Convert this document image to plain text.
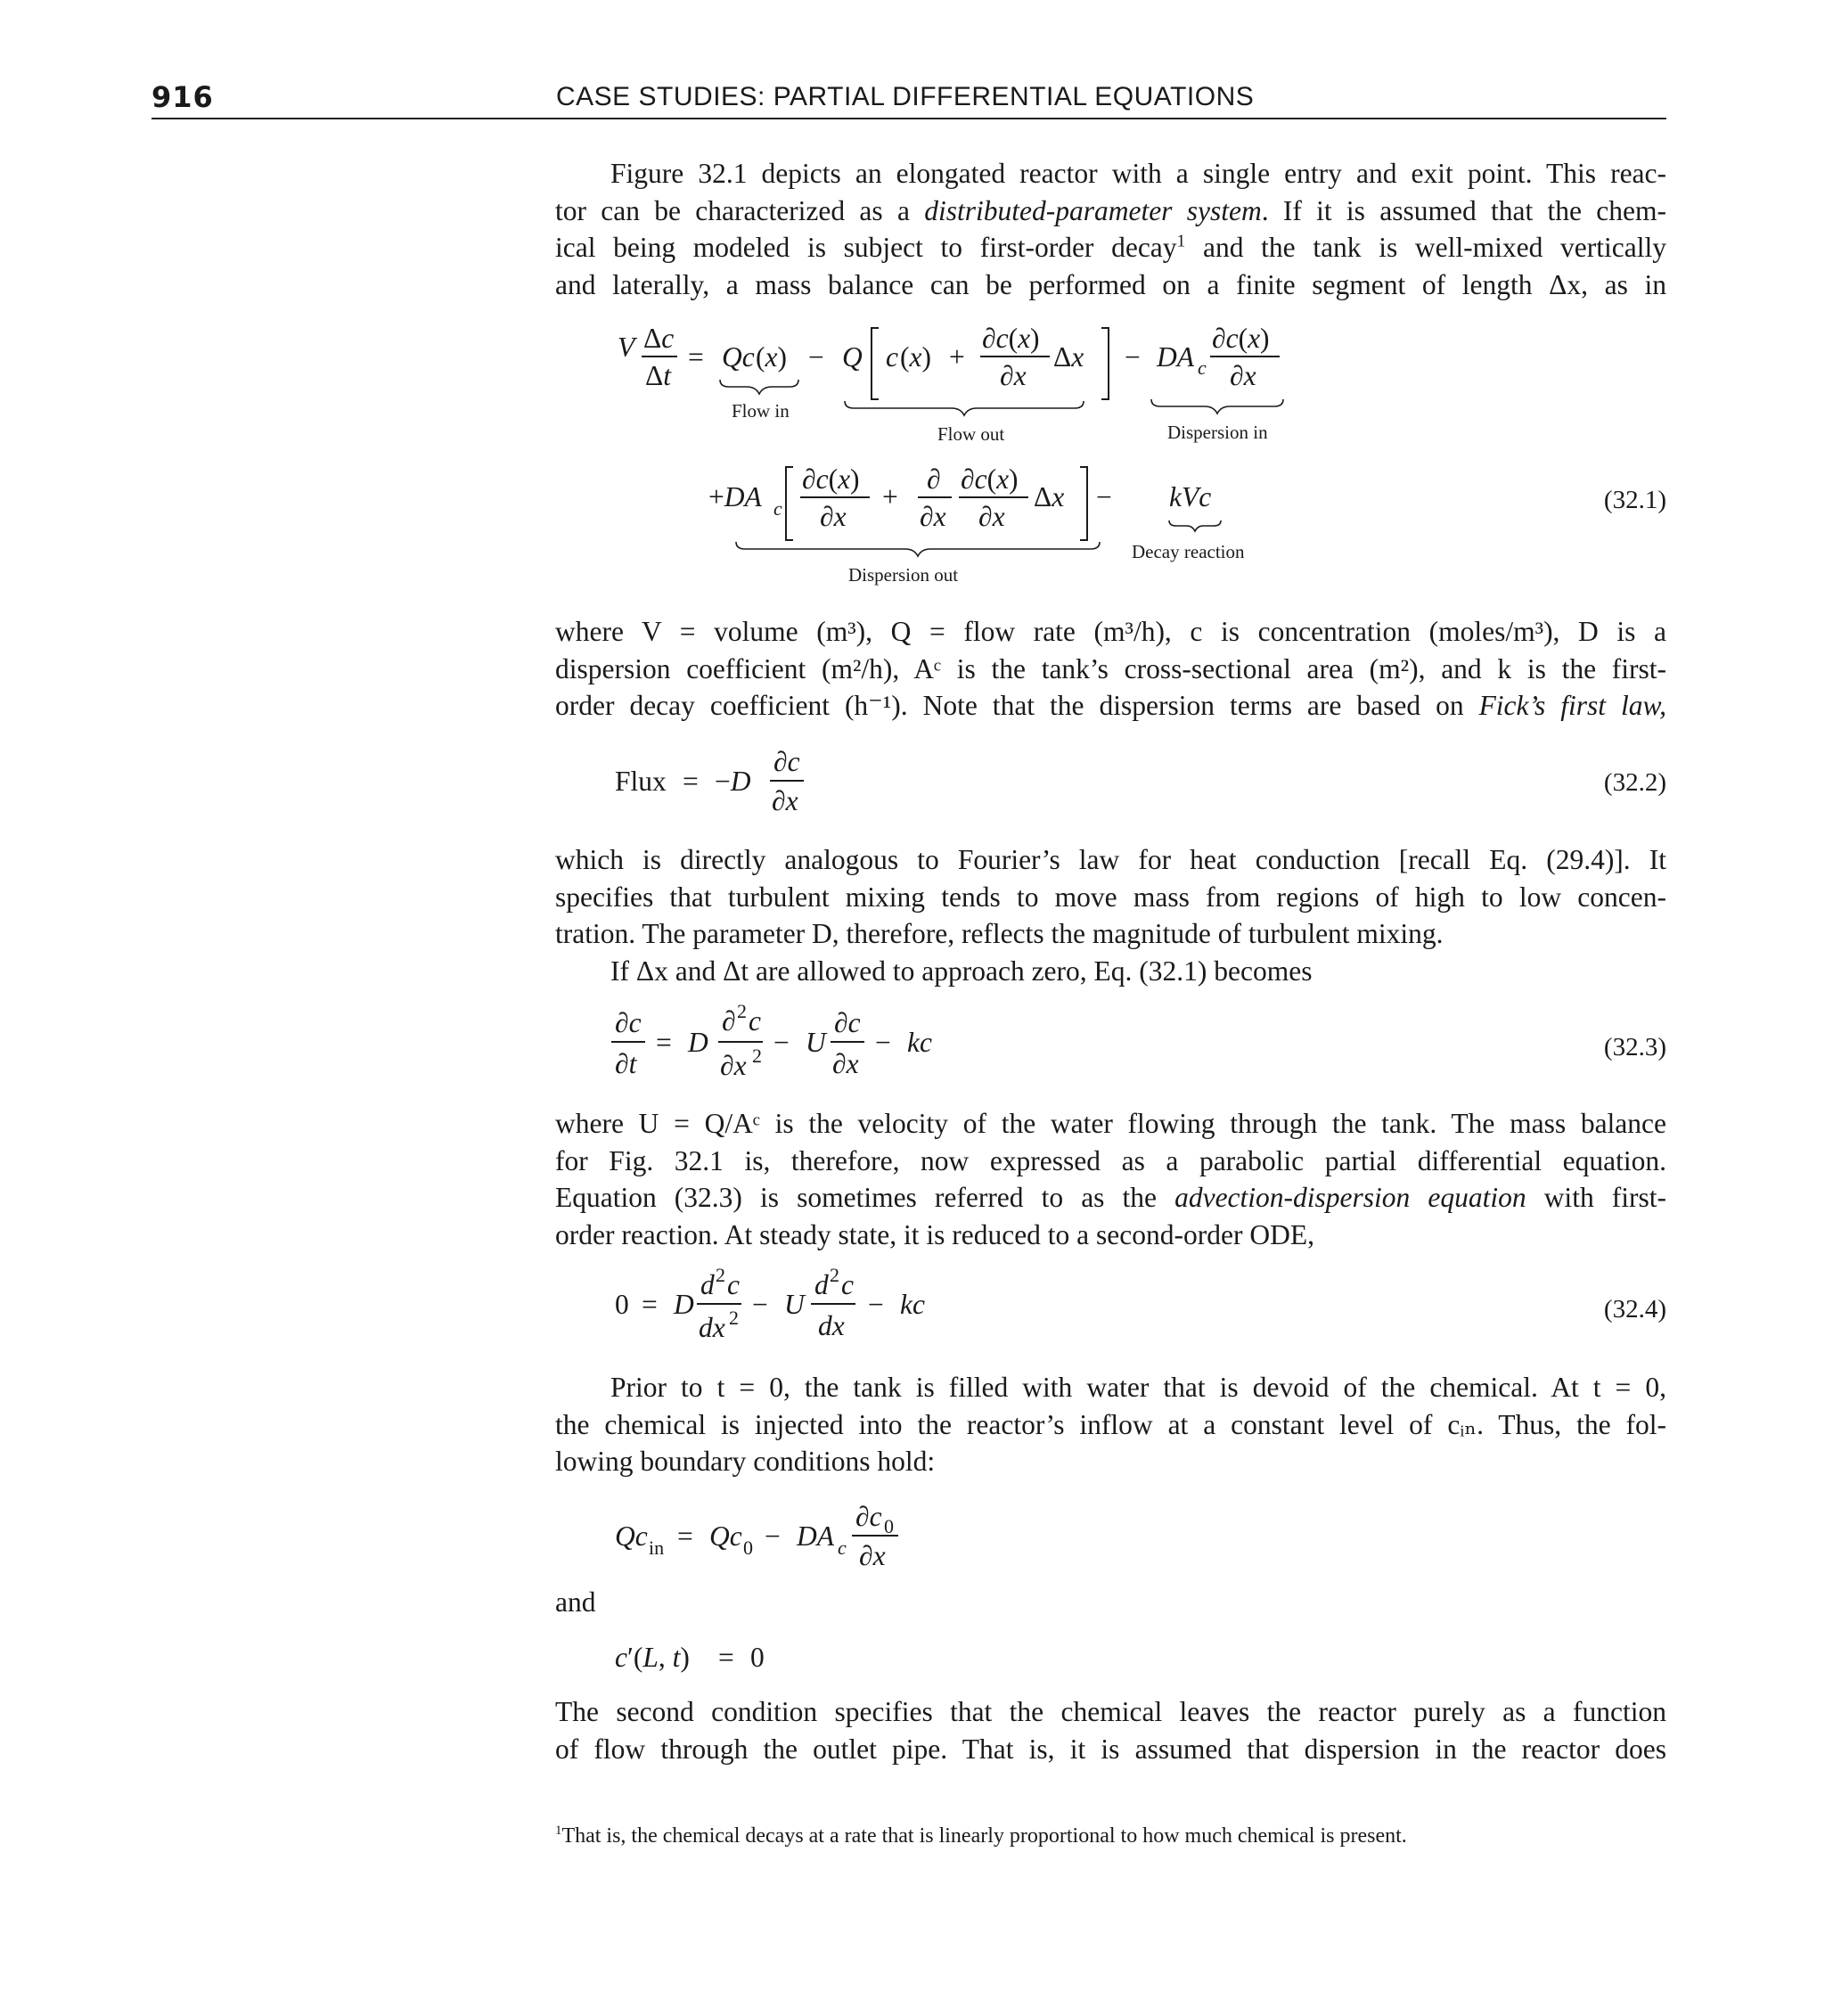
916	CASE STUDIES: PARTIAL DIFFERENTIAL EQUATIONS

Figure 32.1 depicts an elongated reactor with a single entry and exit point. This reac-

tor can be characterized as a distributed-parameter system. If it is assumed that the chem-

ical being modeled is subject to first-order decay$^1$ and the tank is well-mixed vertically

and laterally, a mass balance can be performed on a finite segment of length Δx, as in

V Δc
Δt
= Qc (x)
Flow in
− Q c (x) +
∂c(x)
∂x
Δx
Flow out
− DA c
∂c(x)
∂x
Dispersion in
+DA c
∂c(x)
∂x
+
∂
∂x
∂c(x)
∂x
Δx
Dispersion out
− kVc
Decay reaction
(32.1)

where V = volume (m³), Q = flow rate (m³/h), c is concentration (moles/m³), D is a

dispersion coefficient (m²/h), Aᶜ is the tank’s cross-sectional area (m²), and k is the first-

order decay coefficient (h⁻¹). Note that the dispersion terms are based on Fick’s first law,

Flux = −D
∂c
∂x
(32.2)

which is directly analogous to Fourier’s law for heat conduction [recall Eq. (29.4)]. It

specifies that turbulent mixing tends to move mass from regions of high to low concen-

tration. The parameter D, therefore, reflects the magnitude of turbulent mixing.

If Δx and Δt are allowed to approach zero, Eq. (32.1) becomes

∂c
∂t
= D
∂ 2 c
∂x 2 − U
∂c
∂x
− kc	(32.3)

where U = Q/Aᶜ is the velocity of the water flowing through the tank. The mass balance

for Fig. 32.1 is, therefore, now expressed as a parabolic partial differential equation.

Equation (32.3) is sometimes referred to as the advection-dispersion equation with first-

order reaction. At steady state, it is reduced to a second-order ODE,

0 = D
d 2 c
dx 2 − U
d 2 c
dx
− kc	(32.4)

Prior to t = 0, the tank is filled with water that is devoid of the chemical. At t = 0,

the chemical is injected into the reactor’s inflow at a constant level of cᵢₙ. Thus, the fol-

lowing boundary conditions hold:

Qc in = Qc 0 − DA c
∂c 0
∂x

and

c′(L, t) = 0

The second condition specifies that the chemical leaves the reactor purely as a function

of flow through the outlet pipe. That is, it is assumed that dispersion in the reactor does

$^1$That is, the chemical decays at a rate that is linearly proportional to how much chemical is present.
